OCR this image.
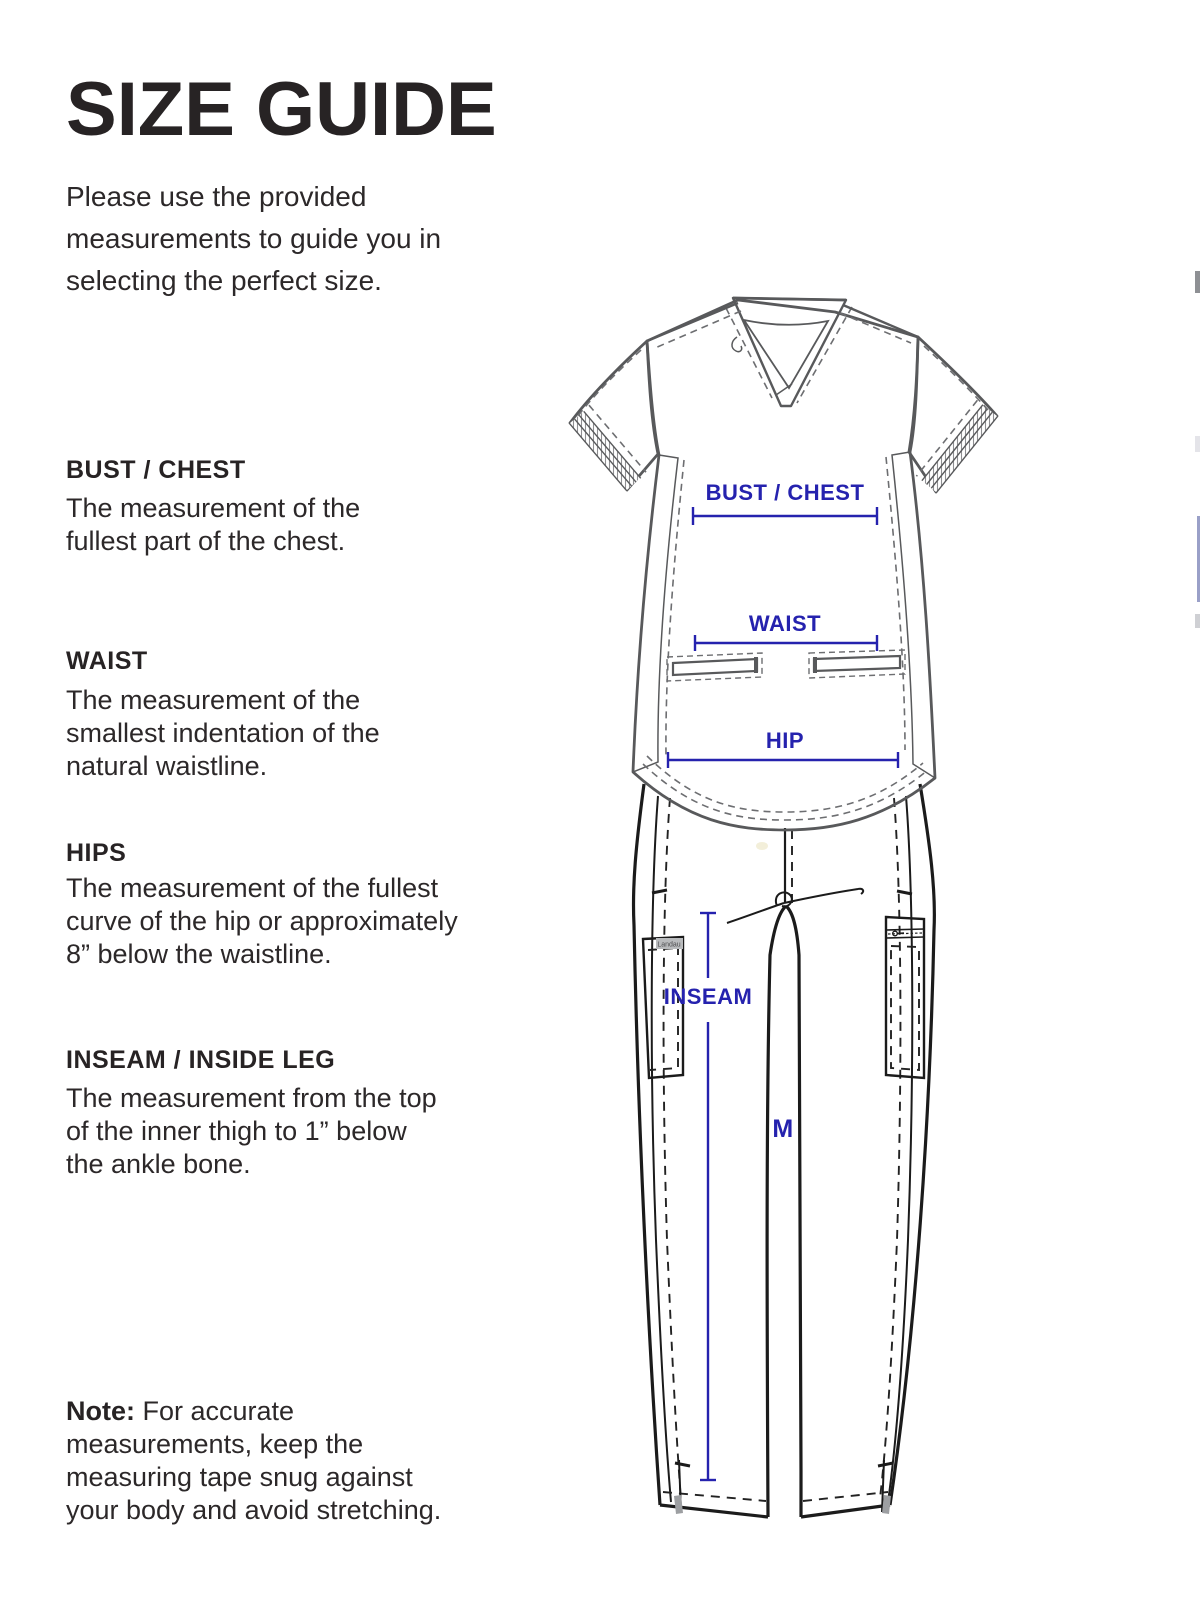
SIZE GUIDE
Please use the provided measurements to guide you in selecting the perfect size.
BUST / CHEST
The measurement of the fullest part of the chest.
WAIST
The measurement of the smallest indentation of the natural waistline.
HIPS
The measurement of the fullest curve of the hip or approximately 8” below the waistline.
INSEAM / INSIDE LEG
The measurement from the top of the inner thigh to 1” below the ankle bone.
Note: For accurate measurements, keep the measuring tape snug against your body and avoid stretching.
Landau
BUST / CHEST
WAIST
HIP
INSEAM
M
